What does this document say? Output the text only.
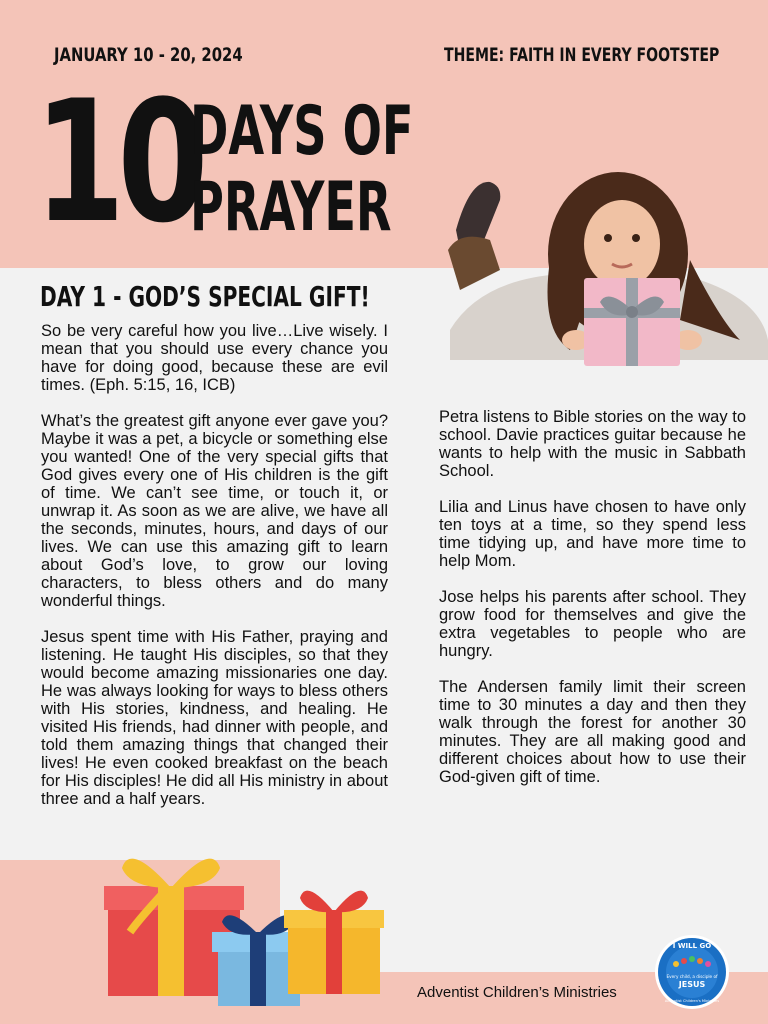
JANUARY 10 - 20, 2024	THEME: FAITH IN EVERY FOOTSTEP
10
DAYS OF
PRAYER
DAY 1 - GOD’S SPECIAL GIFT!

So be very careful how you live…Live wisely. I mean that you should use every chance you have for doing good, because these are evil times. (Eph. 5:15, 16, ICB)

What’s the greatest gift anyone ever gave you? Maybe it was a pet, a bicycle or something else you wanted! One of the very special gifts that God gives every one of His children is the gift of time. We can’t see time, or touch it, or unwrap it. As soon as we are alive, we have all the seconds, minutes, hours, and days of our lives. We can use this amazing gift to learn about God’s love, to grow our loving characters, to bless others and do many wonderful things.

Jesus spent time with His Father, praying and listening. He taught His disciples, so that they would become amazing missionaries one day. He was always looking for ways to bless others with His stories, kindness, and healing. He visited His friends, had dinner with people, and told them amazing things that changed their lives! He even cooked breakfast on the beach for His disciples! He did all His ministry in about three and a half years.

Petra listens to Bible stories on the way to school. Davie practices guitar because he wants to help with the music in Sabbath School.

Lilia and Linus have chosen to have only ten toys at a time, so they spend less time tidying up, and have more time to help Mom.

Jose helps his parents after school. They grow food for themselves and give the extra vegetables to people who are hungry.

The Andersen family limit their screen time to 30 minutes a day and then they walk through the forest for another 30 minutes. They are all making good and different choices about how to use their God-given gift of time.

Adventist Children’s Ministries
I WILL GO
Every child, a disciple of
JESUS
Adventist Children's Ministries
